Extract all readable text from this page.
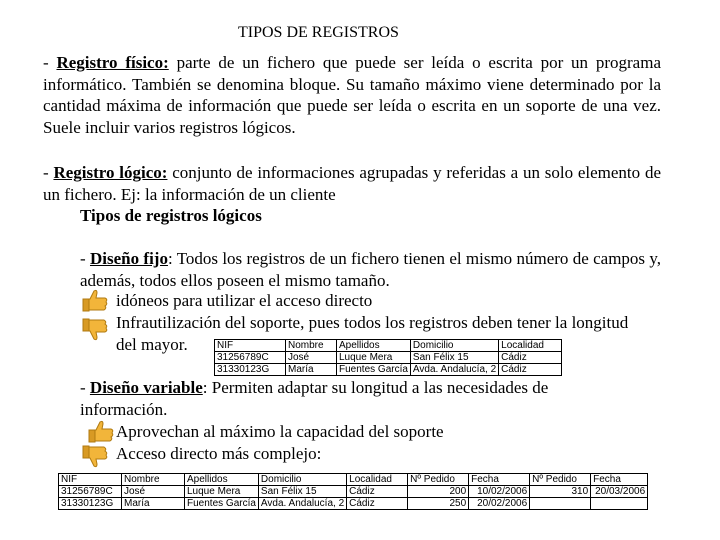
TIPOS DE REGISTROS
- Registro físico: parte de un fichero que puede ser leída o escrita por un programa informático. También se denomina bloque. Su tamaño máximo viene determinado por la cantidad máxima de información que puede ser leída o escrita en un soporte de una vez. Suele incluir varios registros lógicos.
- Registro lógico: conjunto de informaciones agrupadas y referidas a un solo elemento de un fichero. Ej: la información de un cliente
Tipos de registros lógicos
- Diseño fijo: Todos los registros de un fichero tienen el mismo número de campos y, además, todos ellos poseen el mismo tamaño.
idóneos para utilizar el acceso directo
Infrautilización del soporte, pues todos los registros deben tener la longitud
del mayor.	NIF	Nombre	Apellidos	Domicilio	Localidad
31256789C	José	Luque Mera	San Félix 15	Cádiz
31330123G	María	Fuentes García	Avda. Andalucía, 2	Cádiz
- Diseño variable: Permiten adaptar su longitud a las necesidades de
información.
Aprovechan al máximo la capacidad del soporte
Acceso directo más complejo:
NIF	Nombre	Apellidos	Domicilio	Localidad	Nº Pedido	Fecha	Nº Pedido	Fecha
31256789C	José	Luque Mera	San Félix 15	Cádiz	200	10/02/2006	310	20/03/2006
31330123G	María	Fuentes García	Avda. Andalucía, 2	Cádiz	250	20/02/2006		
